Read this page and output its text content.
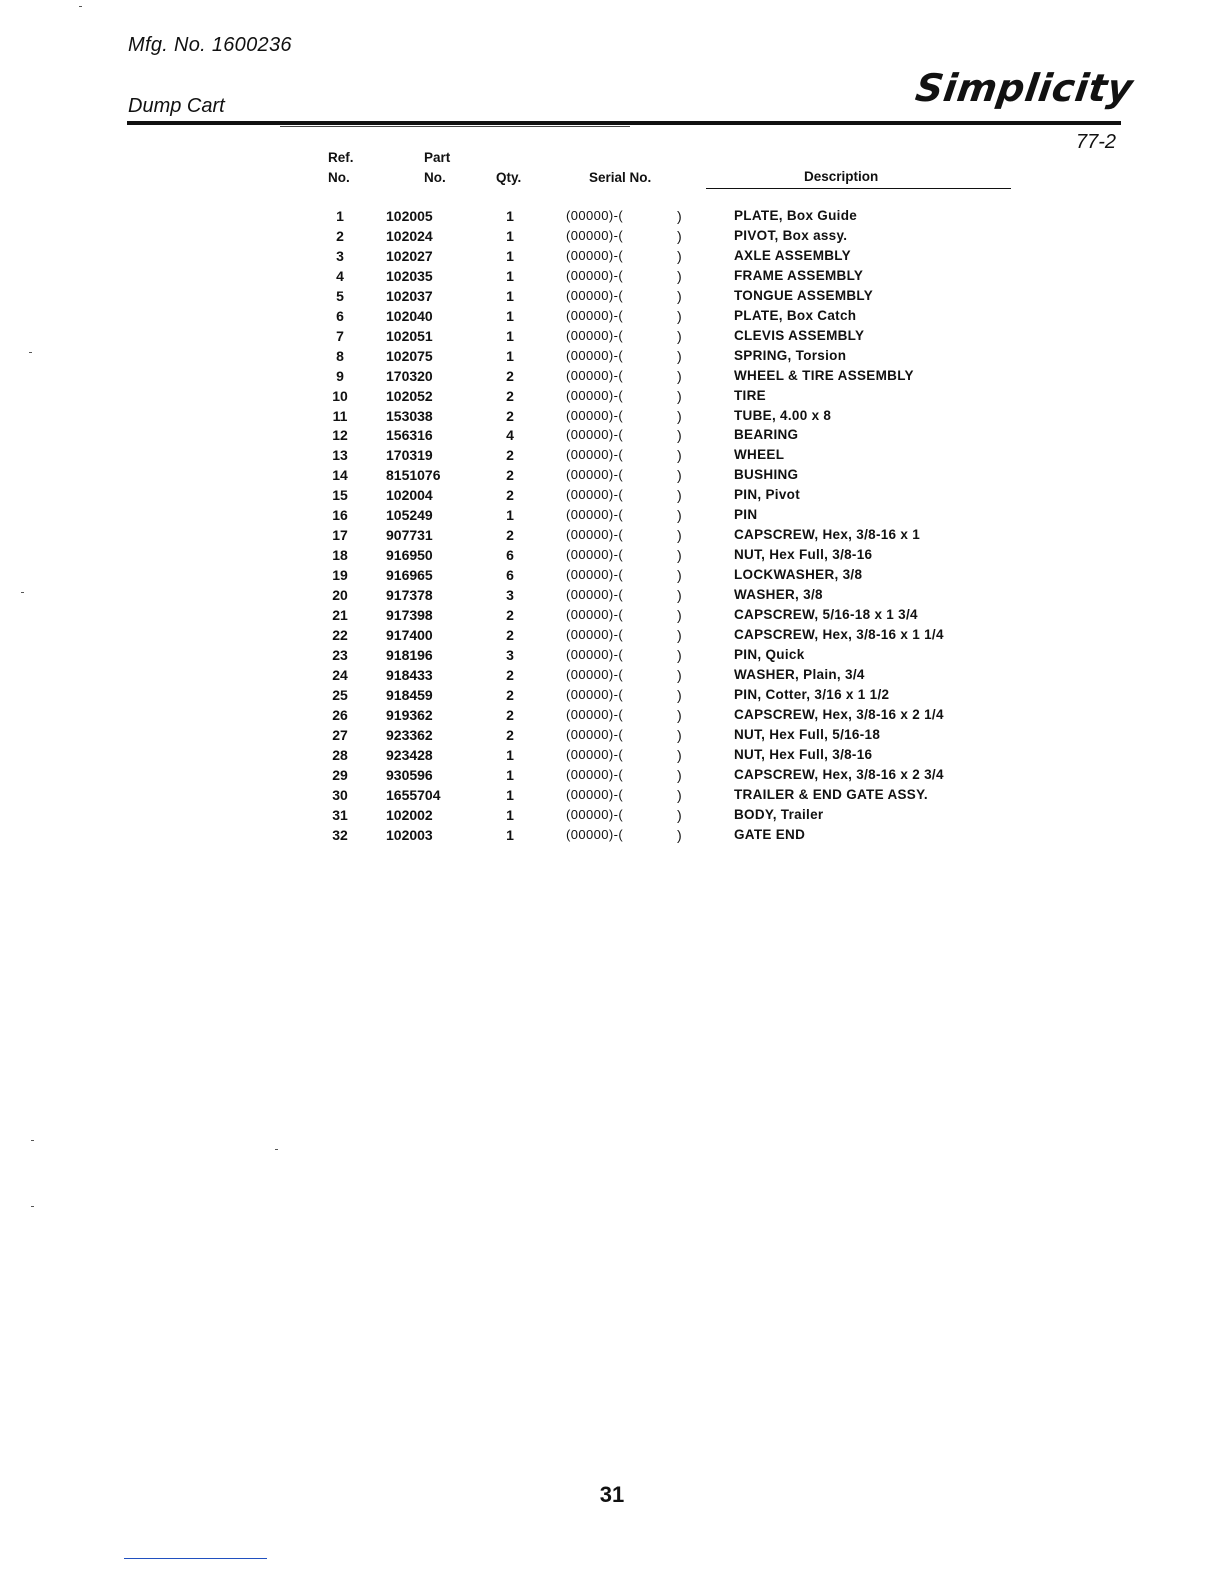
Mfg. No. 1600236
Dump Cart	Simplicity
77-2
Ref.
No.
Part
No.	Qty.	Serial No.	Description
1	102005	1	(00000)-(	)	PLATE, Box Guide
2	102024	1	(00000)-(	)	PIVOT, Box assy.
3	102027	1	(00000)-(	)	AXLE ASSEMBLY
4	102035	1	(00000)-(	)	FRAME ASSEMBLY
5	102037	1	(00000)-(	)	TONGUE ASSEMBLY
6	102040	1	(00000)-(	)	PLATE, Box Catch
7	102051	1	(00000)-(	)	CLEVIS ASSEMBLY
8	102075	1	(00000)-(	)	SPRING, Torsion
9	170320	2	(00000)-(	)	WHEEL & TIRE ASSEMBLY
10	102052	2	(00000)-(	)	TIRE
11	153038	2	(00000)-(	)	TUBE, 4.00 x 8
12	156316	4	(00000)-(	)	BEARING
13	170319	2	(00000)-(	)	WHEEL
14	8151076	2	(00000)-(	)	BUSHING
15	102004	2	(00000)-(	)	PIN, Pivot
16	105249	1	(00000)-(	)	PIN
17	907731	2	(00000)-(	)	CAPSCREW, Hex, 3/8-16 x 1
18	916950	6	(00000)-(	)	NUT, Hex Full, 3/8-16
19	916965	6	(00000)-(	)	LOCKWASHER, 3/8
20	917378	3	(00000)-(	)	WASHER, 3/8
21	917398	2	(00000)-(	)	CAPSCREW, 5/16-18 x 1 3/4
22	917400	2	(00000)-(	)	CAPSCREW, Hex, 3/8-16 x 1 1/4
23	918196	3	(00000)-(	)	PIN, Quick
24	918433	2	(00000)-(	)	WASHER, Plain, 3/4
25	918459	2	(00000)-(	)	PIN, Cotter, 3/16 x 1 1/2
26	919362	2	(00000)-(	)	CAPSCREW, Hex, 3/8-16 x 2 1/4
27	923362	2	(00000)-(	)	NUT, Hex Full, 5/16-18
28	923428	1	(00000)-(	)	NUT, Hex Full, 3/8-16
29	930596	1	(00000)-(	)	CAPSCREW, Hex, 3/8-16 x 2 3/4
30	1655704	1	(00000)-(	)	TRAILER & END GATE ASSY.
31	102002	1	(00000)-(	)	BODY, Trailer
32	102003	1	(00000)-(	)	GATE END
31
